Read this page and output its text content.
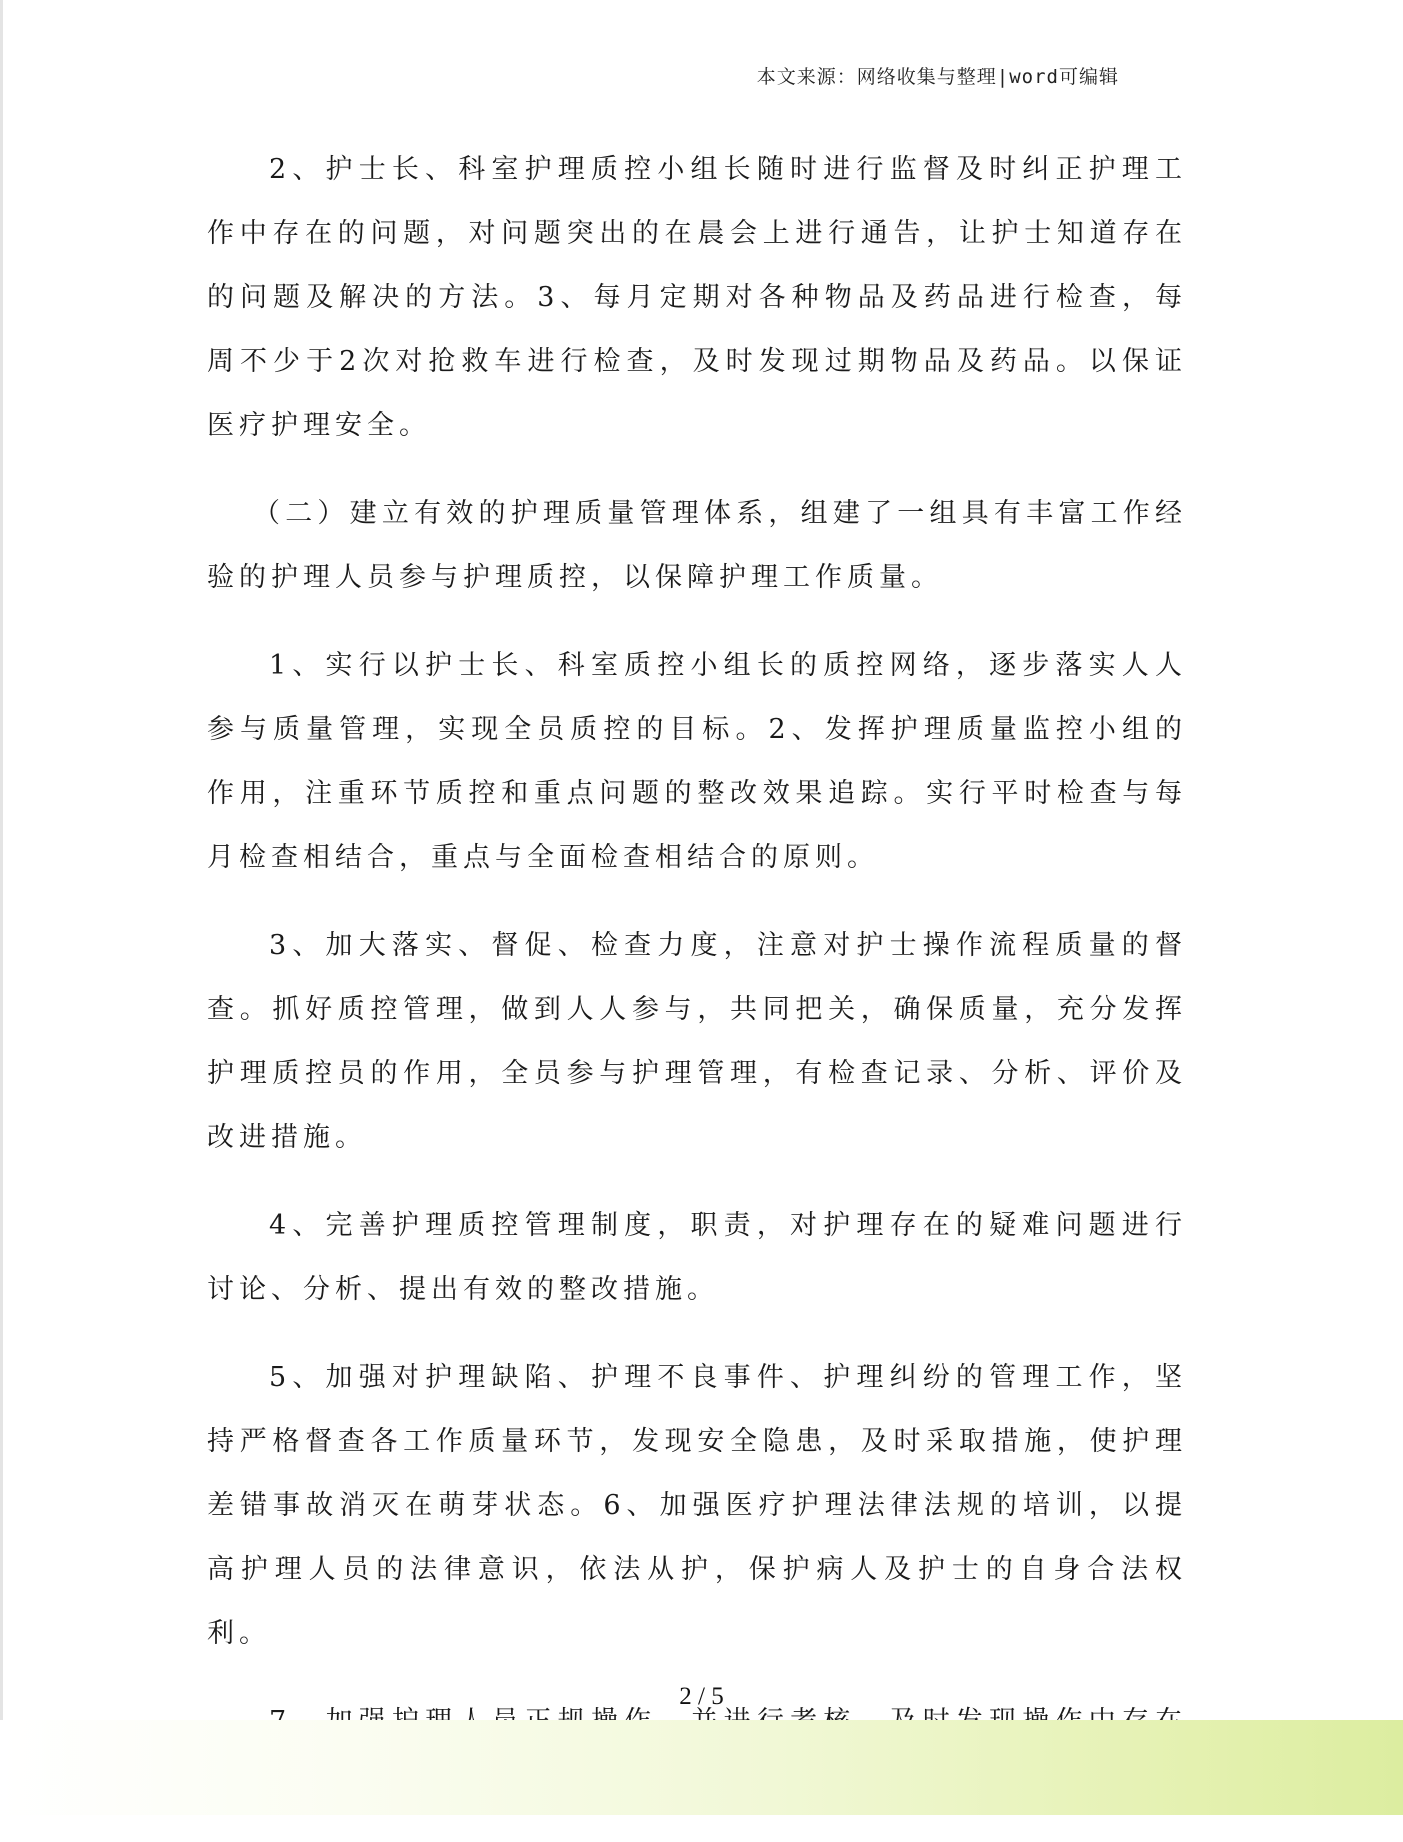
本文来源：网络收集与整理|word可编辑

2、护士长、科室护理质控小组长随时进行监督及时纠正护理工作中存在的问题，对问题突出的在晨会上进行通告，让护士知道存在的问题及解决的方法。3、每月定期对各种物品及药品进行检查，每周不少于2次对抢救车进行检查，及时发现过期物品及药品。以保证医疗护理安全。

（二）建立有效的护理质量管理体系，组建了一组具有丰富工作经验的护理人员参与护理质控，以保障护理工作质量。

1、实行以护士长、科室质控小组长的质控网络，逐步落实人人参与质量管理，实现全员质控的目标。2、发挥护理质量监控小组的作用，注重环节质控和重点问题的整改效果追踪。实行平时检查与每月检查相结合，重点与全面检查相结合的原则。

3、加大落实、督促、检查力度，注意对护士操作流程质量的督查。抓好质控管理，做到人人参与，共同把关，确保质量，充分发挥护理质控员的作用，全员参与护理管理，有检查记录、分析、评价及改进措施。

4、完善护理质控管理制度，职责，对护理存在的疑难问题进行讨论、分析、提出有效的整改措施。

5、加强对护理缺陷、护理不良事件、护理纠纷的管理工作，坚持严格督查各工作质量环节，发现安全隐患，及时采取措施，使护理差错事故消灭在萌芽状态。6、加强医疗护理法律法规的培训，以提高护理人员的法律意识，依法从护，保护病人及护士的自身合法权利。

2 / 5
